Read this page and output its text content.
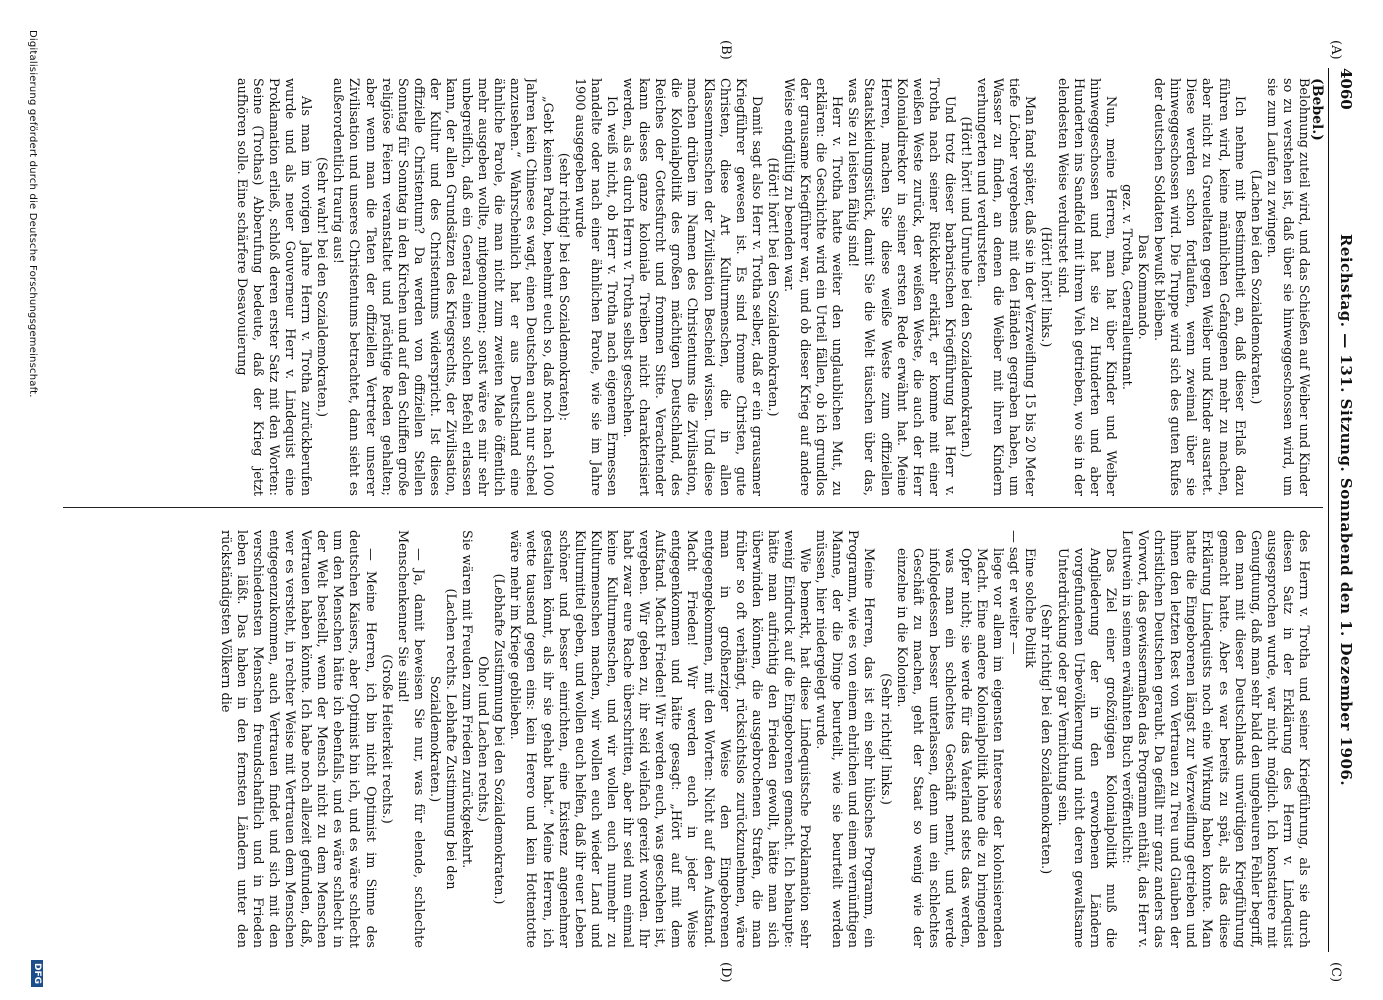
4060
Reichstag. — 131. Sitzung. Sonnabend den 1. Dezember 1906.
(Bebel.)
(A)
(B)
(C)
(D)

Belohnung zuteil wird, und das Schießen auf Weiber und Kinder so zu verstehen ist, daß über sie hinweggeschossen wird, um sie zum Laufen zu zwingen.

(Lachen bei den Sozialdemokraten.)

Ich nehme mit Bestimmtheit an, daß dieser Erlaß dazu führen wird, keine männlichen Gefangenen mehr zu machen, aber nicht zu Greueltaten gegen Weiber und Kinder ausartet. Diese werden schon fortlaufen, wenn zweimal über sie hinweggeschossen wird. Die Truppe wird sich des guten Rufes der deutschen Soldaten bewußt bleiben.

Das Kommando.

gez. v. Trotha, Generalleutnant.

Nun, meine Herren, man hat über Kinder und Weiber hinweggeschossen und hat sie zu Hunderten und aber Hunderten ins Sandfeld mit ihrem Vieh getrieben, wo sie in der elendesten Weise verdurstet sind.

(Hört! hört! links.)

Man fand später, daß sie in der Verzweiflung 15 bis 20 Meter tiefe Löcher vergebens mit den Händen gegraben haben, um Wasser zu finden, an denen die Weiber mit ihren Kindern verhungerten und verdursteten.

(Hört! hört! und Unruhe bei den Sozialdemokraten.)

Und trotz dieser barbarischen Kriegführung hat Herr v. Trotha nach seiner Rückkehr erklärt, er komme mit einer weißen Weste zurück, der weißen Weste, die auch der Herr Kolonialdirektor in seiner ersten Rede erwähnt hat. Meine Herren, machen Sie diese weiße Weste zum offiziellen Staatskleidungsstück, damit Sie die Welt täuschen über das, was Sie zu leisten fähig sind!

Herr v. Trotha hatte weiter den unglaublichen Mut, zu erklären: die Geschichte wird ein Urteil fällen, ob ich grundlos der grausame Kriegführer war, und ob dieser Krieg auf andere Weise endgültig zu beenden war.

(Hört! hört! bei den Sozialdemokraten.)

Damit sagt also Herr v. Trotha selber, daß er ein grausamer Kriegführer gewesen ist. Es sind fromme Christen, gute Christen, diese Art Kulturmenschen, die in allen Klassenmenschen der Zivilisation Bescheid wissen. Und diese machen drüben im Namen des Christentums die Zivilisation, die Kolonialpolitik des großen mächtigen Deutschland, des Reiches der Gottesfurcht und frommen Sitte. Verachtender kann dieses ganze koloniale Treiben nicht charakterisiert werden, als es durch Herrn v. Trotha selbst geschehen.

Ich weiß nicht, ob Herr v. Trotha nach eigenem Ermessen handelte oder nach einer ähnlichen Parole, wie sie im Jahre 1900 ausgegeben wurde

(sehr richtig! bei den Sozialdemokraten):

„Gebt keinen Pardon, benehmt euch so, daß noch nach 1000 Jahren kein Chinese es wagt, einen Deutschen auch nur scheel anzusehen.“ Wahrscheinlich hat er aus Deutschland eine ähnliche Parole, die man nicht zum zweiten Male öffentlich mehr ausgeben wollte, mitgenommen; sonst wäre es mir sehr unbegreiflich, daß ein General einen solchen Befehl erlassen kann, der allen Grundsätzen des Kriegsrechts, der Zivilisation, der Kultur und des Christentums widerspricht. Ist dieses offizielle Christentum? Da werden von offiziellen Stellen Sonntag für Sonntag in den Kirchen und auf den Schiffen große religiöse Feiern veranstaltet und prächtige Reden gehalten; aber wenn man die Taten der offiziellen Vertreter unserer Zivilisation und unseres Christentums betrachtet, dann sieht es außerordentlich traurig aus!

(Sehr wahr! bei den Sozialdemokraten.)

Als man im vorigen Jahre Herrn v. Trotha zurückberufen wurde und als neuer Gouverneur Herr v. Lindequist eine Proklamation erließ, schloß deren erster Satz mit den Worten: Seine (Trothas) Abberufung bedeute, daß der Krieg jetzt aufhören solle. Eine schärfere Desavouierung

des Herrn v. Trotha und seiner Kriegführung, als sie durch diesen Satz in der Erklärung des Herrn v. Lindequist ausgesprochen wurde, war nicht möglich. Ich konstatiere mit Genugtuung, daß man sehr bald den ungeheuren Fehler begriff, den man mit dieser Deutschlands unwürdigen Kriegführung gemacht hatte. Aber es war bereits zu spät, als das diese Erklärung Lindequists noch eine Wirkung haben konnte. Man hatte die Eingeborenen längst zur Verzweiflung getrieben und ihnen den letzten Rest von Vertrauen zu Treu und Glauben der christlichen Deutschen geraubt. Da gefällt mir ganz anders das Vorwort, das gewissermaßen das Programm enthält, das Herr v. Leutwein in seinem erwähnten Buch veröffentlicht:

Das Ziel einer großzügigen Kolonialpolitik muß die Angliederung der in den erworbenen Ländern vorgefundenen Urbevölkerung und nicht deren gewaltsame Unterdrückung oder gar Vernichtung sein.

(Sehr richtig! bei den Sozialdemokraten.)

Eine solche Politik

— sagt er weiter —

liege vor allem im eigensten Interesse der kolonisierenden Macht. Eine andere Kolonialpolitik lohne die zu bringenden Opfer nicht; sie werde für das Vaterland stets das werden, was man ein schlechtes Geschäft nennt, und werde infolgedessen besser unterlassen, denn um ein schlechtes Geschäft zu machen, geht der Staat so wenig wie der einzelne in die Kolonien.

(Sehr richtig! links.)

Meine Herren, das ist ein sehr hübsches Programm, ein Programm, wie es von einem ehrlichen und einem vernünftigen Manne, der die Dinge beurteilt, wie sie beurteilt werden müssen, hier niedergelegt wurde.

Wie bemerkt, hat diese Lindequistsche Proklamation sehr wenig Eindruck auf die Eingeborenen gemacht. Ich behaupte: hätte man aufrichtig den Frieden gewollt, hätte man sich überwinden können, die ausgebrochenen Strafen, die man früher so oft verhängt, rücksichtslos zurückzunehmen, wäre man in großherziger Weise den Eingeborenen entgegengekommen, mit den Worten: Nicht auf den Aufstand. Macht Frieden! Wir werden euch in jeder Weise entgegenkommen und hätte gesagt: „Hört auf mit dem Aufstand. Macht Frieden! Wir werden euch, was geschehen ist, vergeben. Wir geben zu, ihr seid vielfach gereizt worden. Ihr habt zwar eure Rache überschritten, aber ihr seid nun einmal keine Kulturmenschen, und wir wollen euch nunmehr zu Kulturmenschen machen, wir wollen euch wieder Land und Kulturmittel geben, und wollen euch helfen, daß ihr euer Leben schöner und besser einrichten, eine Existenz angenehmer gestalten könnt, als ihr sie gehabt habt.“ Meine Herren, ich wette tausend gegen eins: kein Herero und kein Hottentotte wäre mehr im Kriege geblieben.

(Lebhafte Zustimmung bei den Sozialdemokraten.)

Oho! und Lachen rechts.)

Sie wären mit Freuden zum Frieden zurückgekehrt.

(Lachen rechts. Lebhafte Zustimmung bei den Sozialdemokraten.)

— Ja, damit beweisen Sie nur, was für elende, schlechte Menschenkenner Sie sind!

(Große Heiterkeit rechts.)

— Meine Herren, ich bin nicht Optimist im Sinne des deutschen Kaisers, aber Optimist bin ich, und es wäre schlecht um den Menschen hätte ich ebenfalls, und es wäre schlecht in der Welt bestellt, wenn der Mensch nicht zu dem Menschen Vertrauen haben könnte. Ich habe noch allezeit gefunden, daß, wer es versteht, in rechter Weise mit Vertrauen dem Menschen entgegenzukommen, auch Vertrauen findet und sich mit den verschiedensten Menschen freundschaftlich und in Frieden leben läßt. Das haben in den fernsten Ländern unter den rückständigsten Völkern die

Digitalisierung gefördert durch die Deutsche Forschungsgemeinschaft.
DFG
